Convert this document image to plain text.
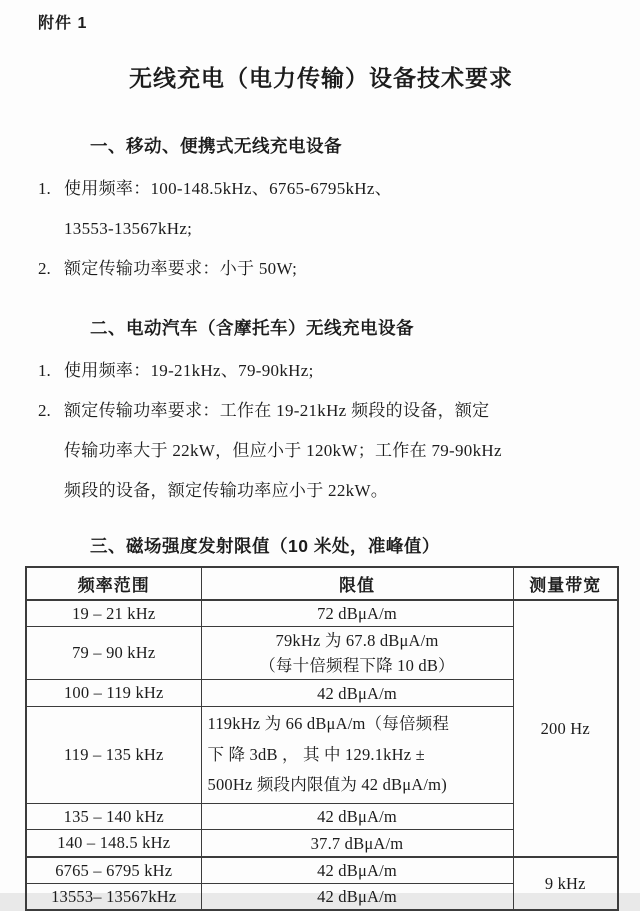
附件 1
无线充电（电力传输）设备技术要求
一、移动、便携式无线充电设备
1. 使用频率：100-148.5kHz、6765-6795kHz、
13553-13567kHz;
2. 额定传输功率要求：小于 50W;
二、电动汽车（含摩托车）无线充电设备
1. 使用频率：19-21kHz、79-90kHz;
2. 额定传输功率要求：工作在 19-21kHz 频段的设备，额定
传输功率大于 22kW，但应小于 120kW；工作在 79-90kHz
频段的设备，额定传输功率应小于 22kW。
三、磁场强度发射限值（10 米处，准峰值）
频率范围	限值	测量带宽
19 – 21 kHz	72 dBμA/m	200 Hz
79 – 90 kHz	79kHz 为 67.8 dBμA/m
（每十倍频程下降 10 dB）	

100 – 119 kHz	42 dBμA/m	

119 – 135 kHz	119kHz 为 66 dBμA/m（每倍频程
下 降 3dB ， 其 中 129.1kHz ±
500Hz 频段内限值为 42 dBμA/m)	

135 – 140 kHz	42 dBμA/m	

140 – 148.5 kHz	37.7 dBμA/m	

6765 – 6795 kHz	42 dBμA/m	9 kHz
13553– 13567kHz	42 dBμA/m	
